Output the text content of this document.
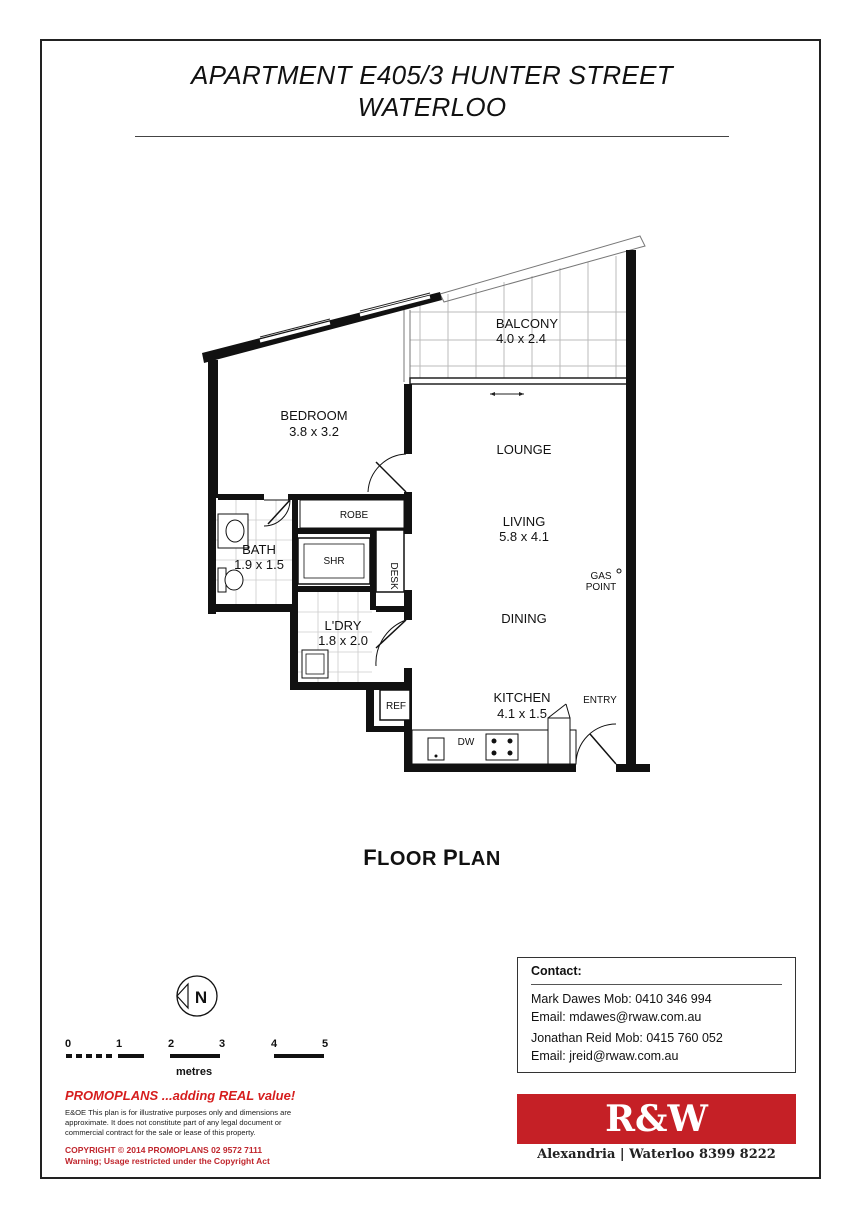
APARTMENT E405/3 HUNTER STREET
WATERLOO
BALCONY
4.0 x 2.4
BEDROOM
3.8 x 3.2
LOUNGE
LIVING
5.8 x 4.1
DINING
KITCHEN
4.1 x 1.5
BATH
1.9 x 1.5
L'DRY
1.8 x 2.0
ROBE
SHR
DESK
REF
DW
ENTRY
GAS
POINT
N
0	1	2	3	4	5
metres
FLOOR PLAN
Contact:
Mark Dawes Mob: 0410 346 994
Email: mdawes@rwaw.com.au
Jonathan Reid Mob: 0415 760 052
Email: jreid@rwaw.com.au
PROMOPLANS ...adding REAL value!
E&OE This plan is for illustrative purposes only and dimensions are approximate. It does not constitute part of any legal document or commercial contract for the sale or lease of this property.
COPYRIGHT © 2014 PROMOPLANS 02 9572 7111
Warning; Usage restricted under the Copyright Act
R&W
Alexandria | Waterloo 8399 8222
